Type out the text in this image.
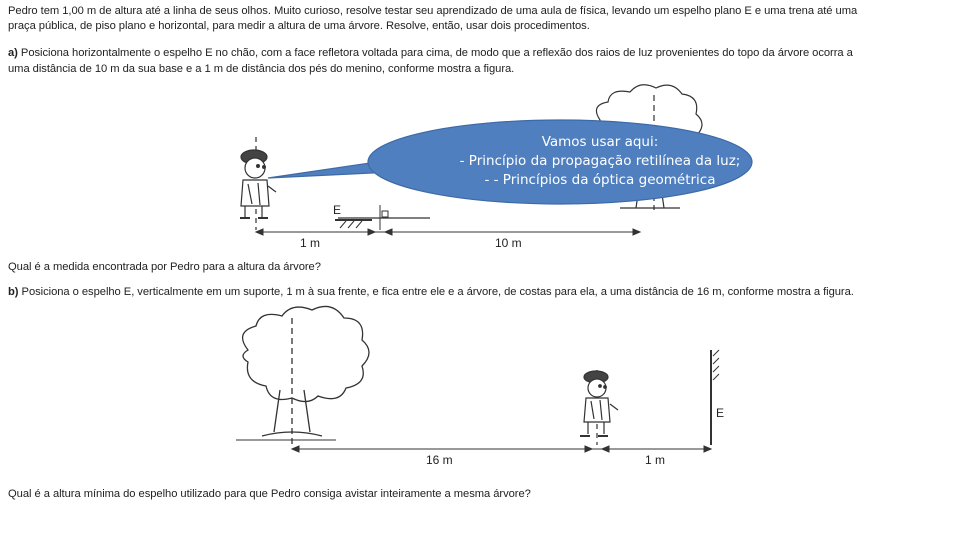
Pedro tem 1,00 m de altura até a linha de seus olhos. Muito curioso, resolve testar seu aprendizado de uma aula de física, levando um espelho plano E e uma trena até uma
praça pública, de piso plano e horizontal, para medir a altura de uma árvore. Resolve, então, usar dois procedimentos.
a) Posiciona horizontalmente o espelho E no chão, com a face refletora voltada para cima, de modo que a reflexão dos raios de luz provenientes do topo da árvore ocorra a
uma distância de 10 m da sua base e a 1 m de distância dos pés do menino, conforme mostra a figura.
Vamos usar aqui:
- Princípio da propagação retilínea da luz;
- - Princípios da óptica geométrica
E
1 m	10 m
Qual é a medida encontrada por Pedro para a altura da árvore?
b) Posiciona o espelho E, verticalmente em um suporte, 1 m à sua frente, e fica entre ele e a árvore, de costas para ela, a uma distância de 16 m, conforme mostra a figura.
E
16 m	1 m
Qual é a altura mínima do espelho utilizado para que Pedro consiga avistar inteiramente a mesma árvore?
